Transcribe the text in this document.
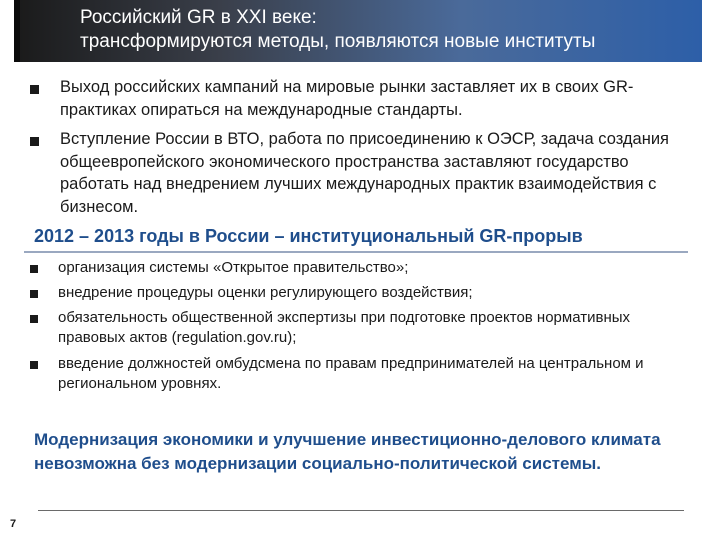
Российский GR в XXI веке:
трансформируются методы, появляются новые институты
Выход российских кампаний на мировые рынки заставляет их в своих GR-практиках опираться на международные стандарты.
Вступление России в ВТО, работа по присоединению к ОЭСР, задача создания общеевропейского экономического пространства заставляют государство работать над внедрением лучших международных практик взаимодействия с бизнесом.
2012 – 2013 годы в России – институциональный GR-прорыв
организация системы «Открытое правительство»;
внедрение процедуры оценки регулирующего воздействия;
обязательность общественной экспертизы при подготовке проектов нормативных правовых актов (regulation.gov.ru);
введение должностей омбудсмена по правам предпринимателей на центральном и региональном уровнях.
Модернизация экономики и улучшение инвестиционно-делового климата невозможна без модернизации социально-политической системы.
7
